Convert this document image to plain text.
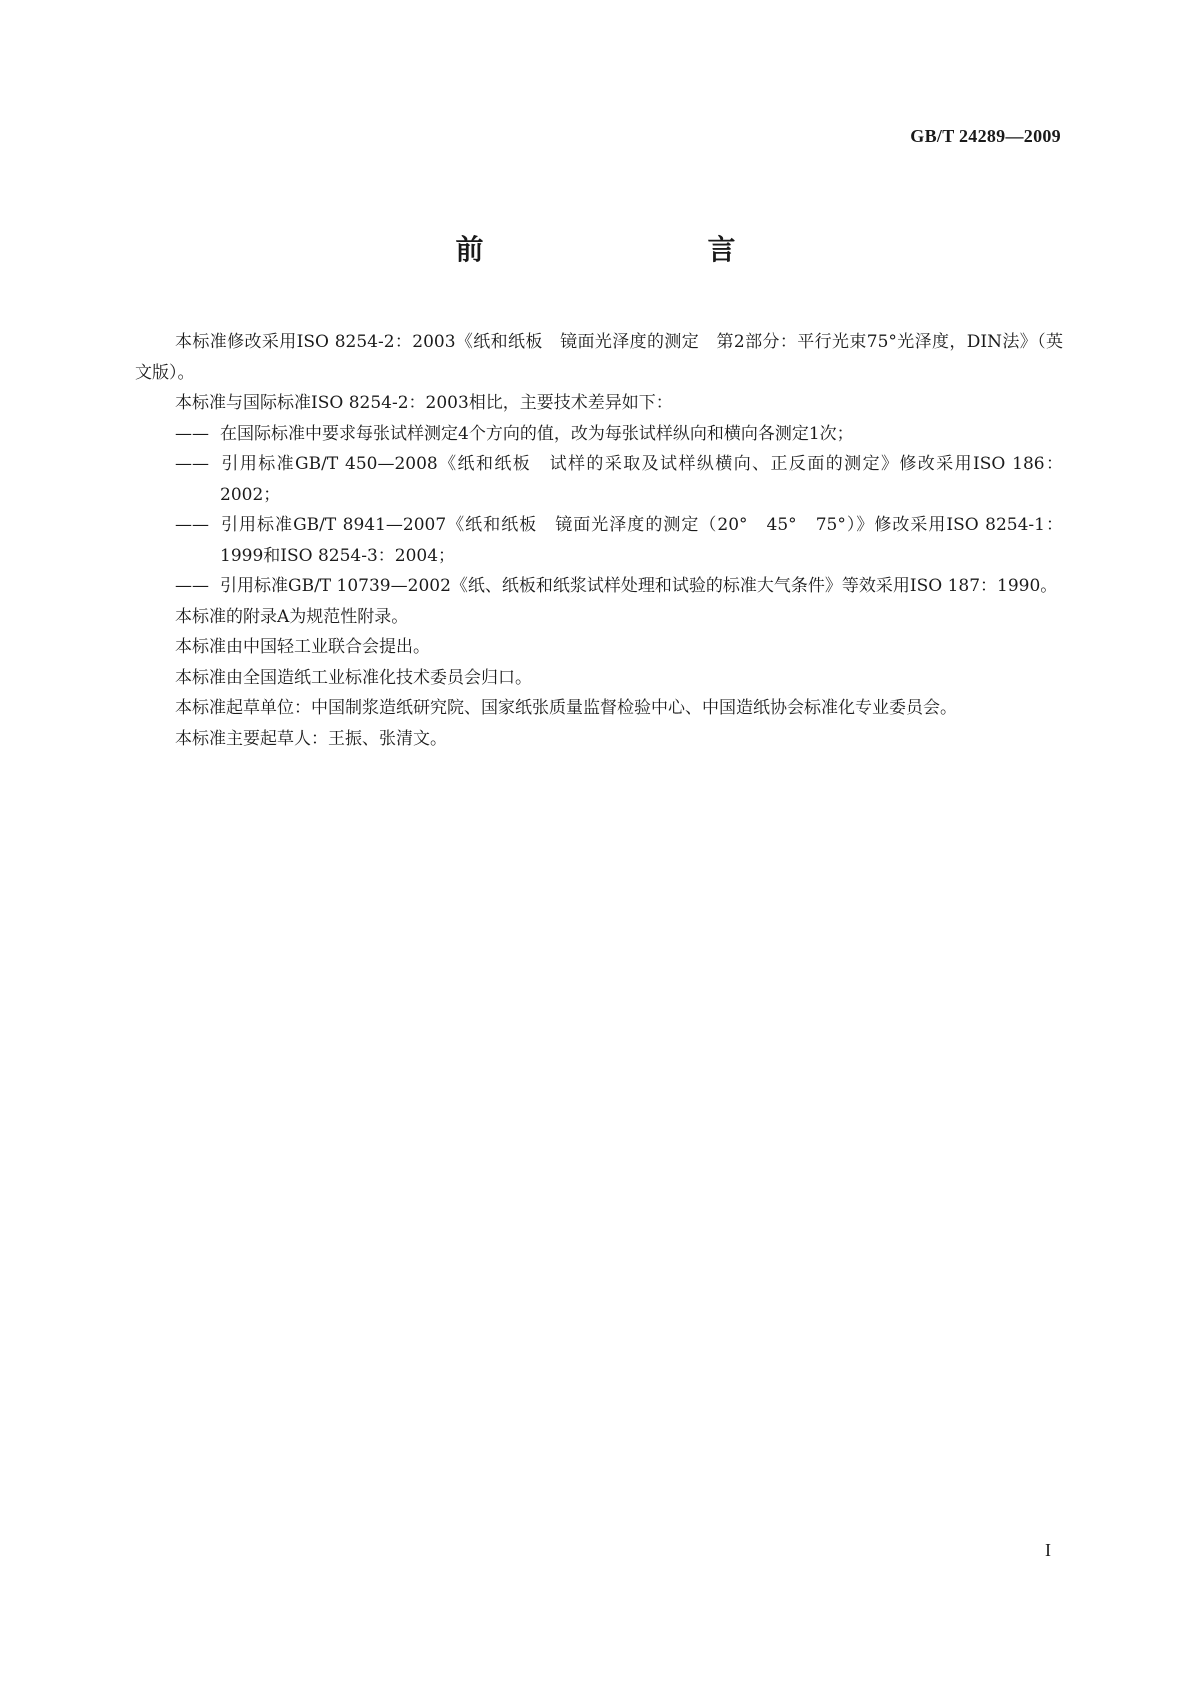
GB/T 24289—2009
前　　言

本标准修改采用ISO 8254-2：2003《纸和纸板　镜面光泽度的测定　第2部分：平行光束75°光泽度，DIN法》（英文版）。

本标准与国际标准ISO 8254-2：2003相比，主要技术差异如下：

—— 在国际标准中要求每张试样测定4个方向的值，改为每张试样纵向和横向各测定1次；

—— 引用标准GB/T 450—2008《纸和纸板　试样的采取及试样纵横向、正反面的测定》修改采用ISO 186：2002；

—— 引用标准GB/T 8941—2007《纸和纸板　镜面光泽度的测定（20°　45°　75°）》修改采用ISO 8254-1：1999和ISO 8254-3：2004；

—— 引用标准GB/T 10739—2002《纸、纸板和纸浆试样处理和试验的标准大气条件》等效采用ISO 187：1990。

本标准的附录A为规范性附录。

本标准由中国轻工业联合会提出。

本标准由全国造纸工业标准化技术委员会归口。

本标准起草单位：中国制浆造纸研究院、国家纸张质量监督检验中心、中国造纸协会标准化专业委员会。

本标准主要起草人：王振、张清文。

I
